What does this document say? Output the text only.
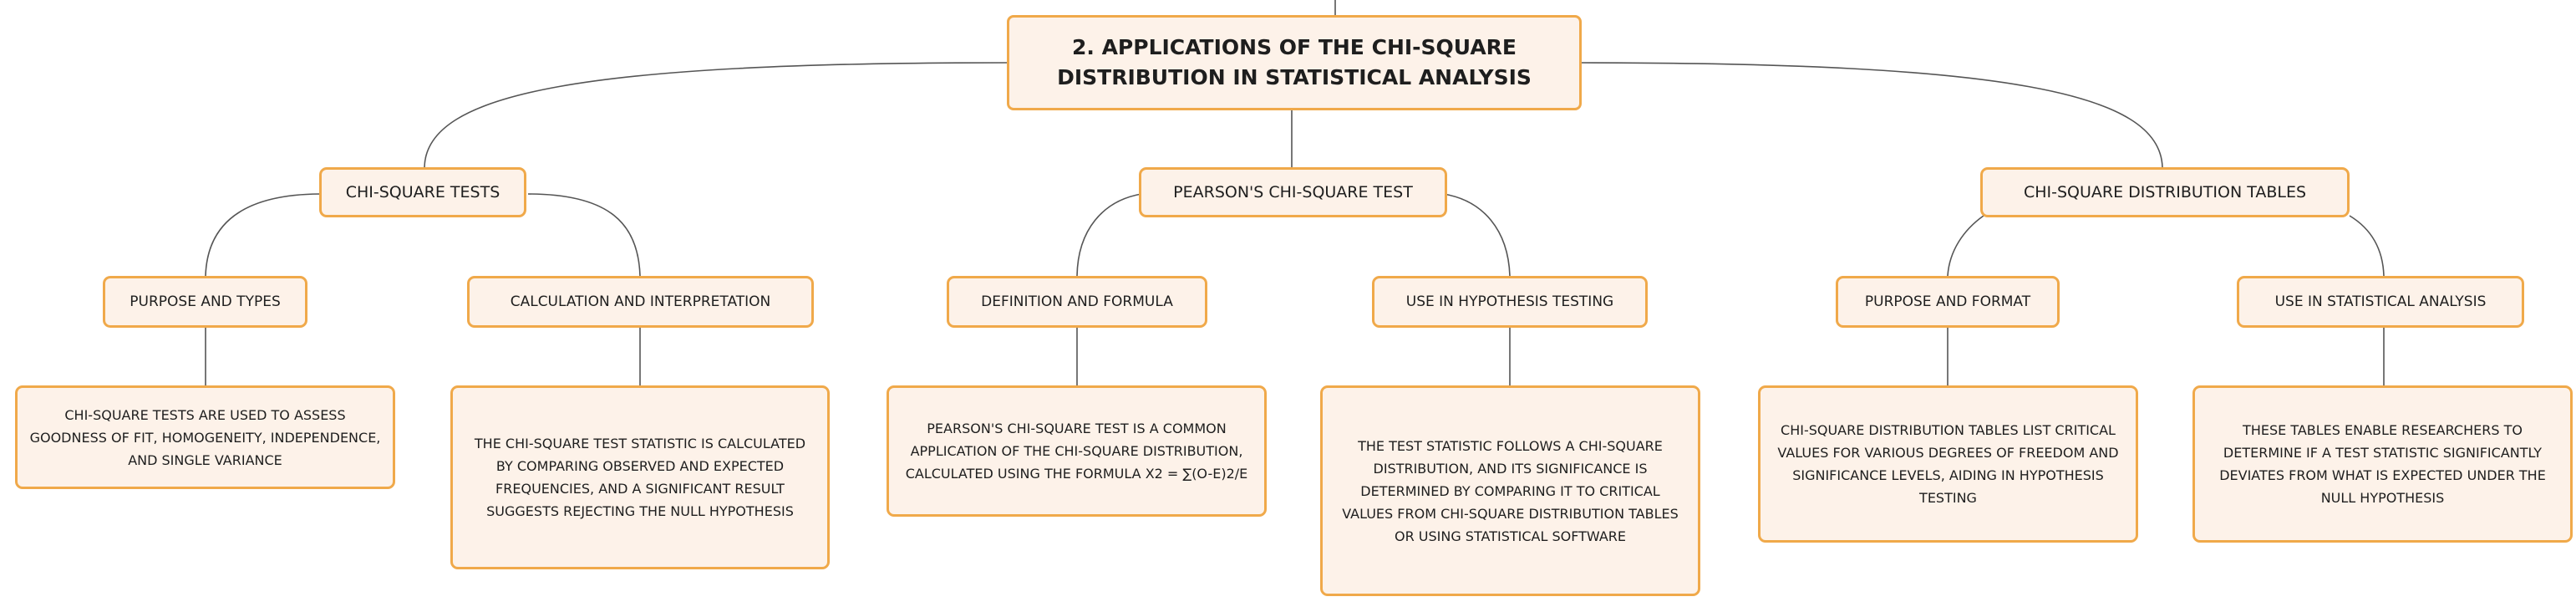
2. APPLICATIONS OF THE CHI-SQUARE DISTRIBUTION IN STATISTICAL ANALYSIS
CHI-SQUARE TESTS	PEARSON'S CHI-SQUARE TEST	CHI-SQUARE DISTRIBUTION TABLES
PURPOSE AND TYPES	CALCULATION AND INTERPRETATION	DEFINITION AND FORMULA	USE IN HYPOTHESIS TESTING	PURPOSE AND FORMAT	USE IN STATISTICAL ANALYSIS
CHI-SQUARE TESTS ARE USED TO ASSESS GOODNESS OF FIT, HOMOGENEITY, INDEPENDENCE, AND SINGLE VARIANCE
THE CHI-SQUARE TEST STATISTIC IS CALCULATED BY COMPARING OBSERVED AND EXPECTED FREQUENCIES, AND A SIGNIFICANT RESULT SUGGESTS REJECTING THE NULL HYPOTHESIS
PEARSON'S CHI-SQUARE TEST IS A COMMON APPLICATION OF THE CHI-SQUARE DISTRIBUTION, CALCULATED USING THE FORMULA Χ2 = ∑(O-E)2/E
THE TEST STATISTIC FOLLOWS A CHI-SQUARE DISTRIBUTION, AND ITS SIGNIFICANCE IS DETERMINED BY COMPARING IT TO CRITICAL VALUES FROM CHI-SQUARE DISTRIBUTION TABLES OR USING STATISTICAL SOFTWARE
CHI-SQUARE DISTRIBUTION TABLES LIST CRITICAL VALUES FOR VARIOUS DEGREES OF FREEDOM AND SIGNIFICANCE LEVELS, AIDING IN HYPOTHESIS TESTING
THESE TABLES ENABLE RESEARCHERS TO DETERMINE IF A TEST STATISTIC SIGNIFICANTLY DEVIATES FROM WHAT IS EXPECTED UNDER THE NULL HYPOTHESIS
